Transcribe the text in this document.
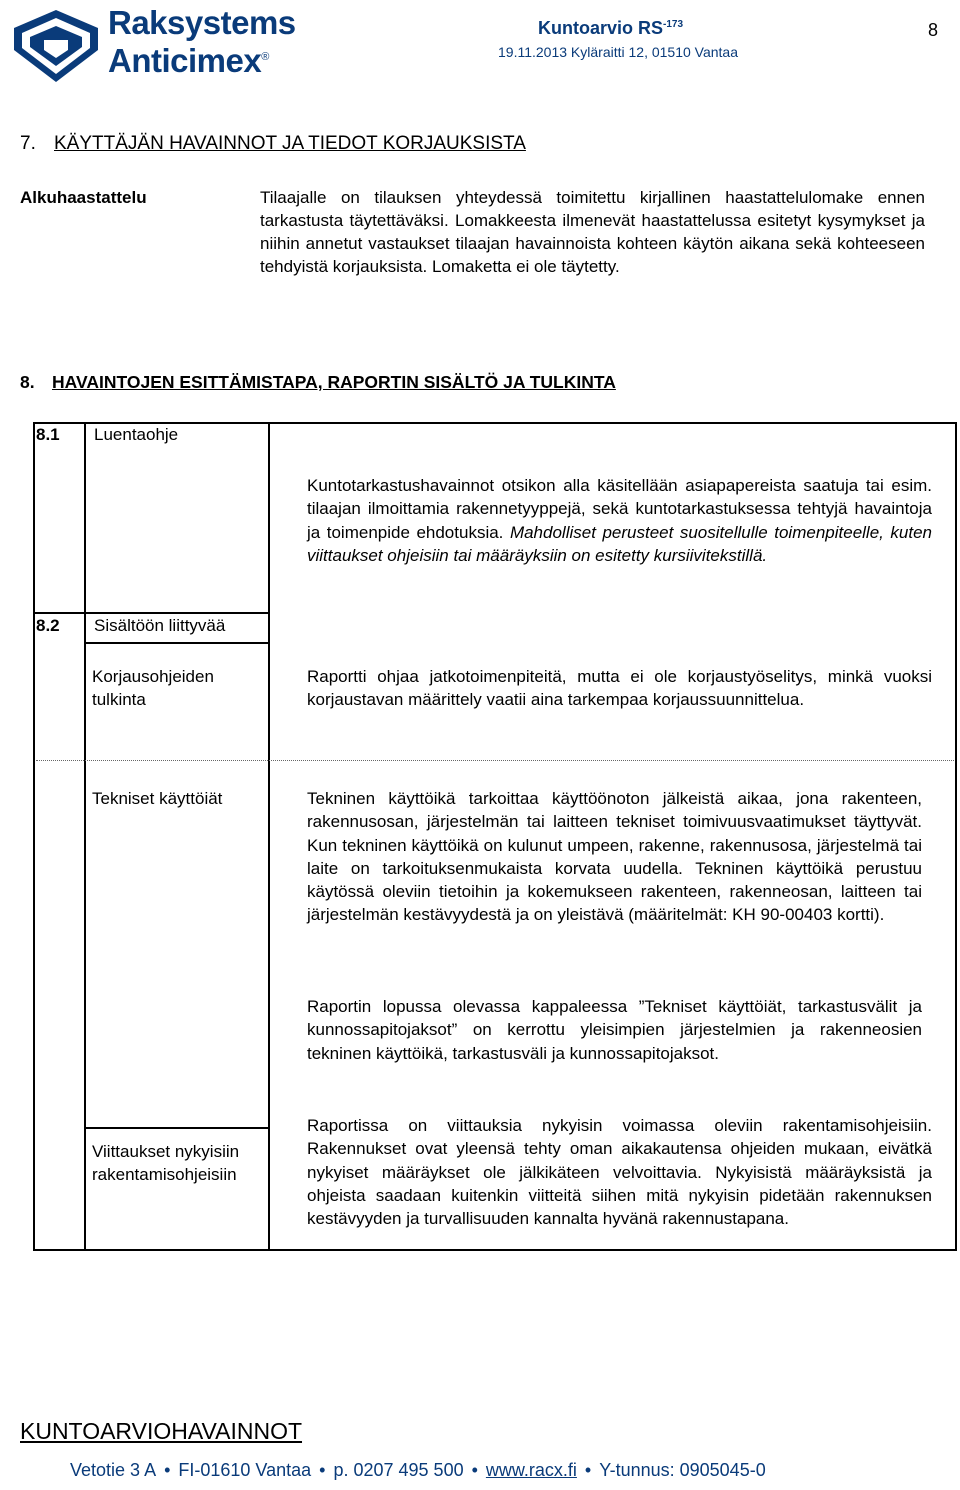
Raksystems
Anticimex®
Kuntoarvio $RS^{-173}$
19.11.2013 Kyläraitti 12, 01510 Vantaa
8
7. KÄYTTÄJÄN HAVAINNOT JA TIEDOT KORJAUKSISTA
Alkuhaastattelu	Tilaajalle on tilauksen yhteydessä toimitettu kirjallinen haastattelulomake ennen tarkastusta täytettäväksi. Lomakkeesta ilmenevät haastattelussa esitetyt kysymykset ja niihin annetut vastaukset tilaajan havainnoista kohteen käytön aikana sekä kohteeseen tehdyistä korjauksista. Lomaketta ei ole täytetty.
8. HAVAINTOJEN ESITTÄMISTAPA, RAPORTIN SISÄLTÖ JA TULKINTA
8.1 Luentaohje
Kuntotarkastushavainnot otsikon alla käsitellään asiapapereista saatuja tai esim. tilaajan ilmoittamia rakennetyyppejä, sekä kuntotarkastuksessa tehtyjä havaintoja ja toimenpide ehdotuksia. Mahdolliset perusteet suositellulle toimenpiteelle, kuten viittaukset ohjeisiin tai määräyksiin on esitetty kursiivitekstillä.
8.2 Sisältöön liittyvää
Korjausohjeiden tulkinta
Raportti ohjaa jatkotoimenpiteitä, mutta ei ole korjaustyöselitys, minkä vuoksi korjaustavan määrittely vaatii aina tarkempaa korjaussuunnittelua.
Tekniset käyttöiät	Tekninen käyttöikä tarkoittaa käyttöönoton jälkeistä aikaa, jona rakenteen, rakennusosan, järjestelmän tai laitteen tekniset toimivuusvaatimukset täyttyvät. Kun tekninen käyttöikä on kulunut umpeen, rakenne, rakennusosa, järjestelmä tai laite on tarkoituksenmukaista korvata uudella. Tekninen käyttöikä perustuu käytössä oleviin tietoihin ja kokemukseen rakenteen, rakenneosan, laitteen tai järjestelmän kestävyydestä ja on yleistävä (määritelmät: KH 90-00403 kortti).
Raportin lopussa olevassa kappaleessa ”Tekniset käyttöiät, tarkastusvälit ja kunnossapitojaksot” on kerrottu yleisimpien järjestelmien ja rakenneosien tekninen käyttöikä, tarkastusväli ja kunnossapitojaksot.
Viittaukset nykyisiin rakentamisohjeisiin
Raportissa on viittauksia nykyisin voimassa oleviin rakentamisohjeisiin. Rakennukset ovat yleensä tehty oman aikakautensa ohjeiden mukaan, eivätkä nykyiset määräykset ole jälkikäteen velvoittavia. Nykyisistä määräyksistä ja ohjeista saadaan kuitenkin viitteitä siihen mitä nykyisin pidetään rakennuksen kestävyyden ja turvallisuuden kannalta hyvänä rakennustapana.
KUNTOARVIOHAVAINNOT
Vetotie 3 A • FI-01610 Vantaa • p. 0207 495 500 • www.racx.fi • Y-tunnus: 0905045-0
